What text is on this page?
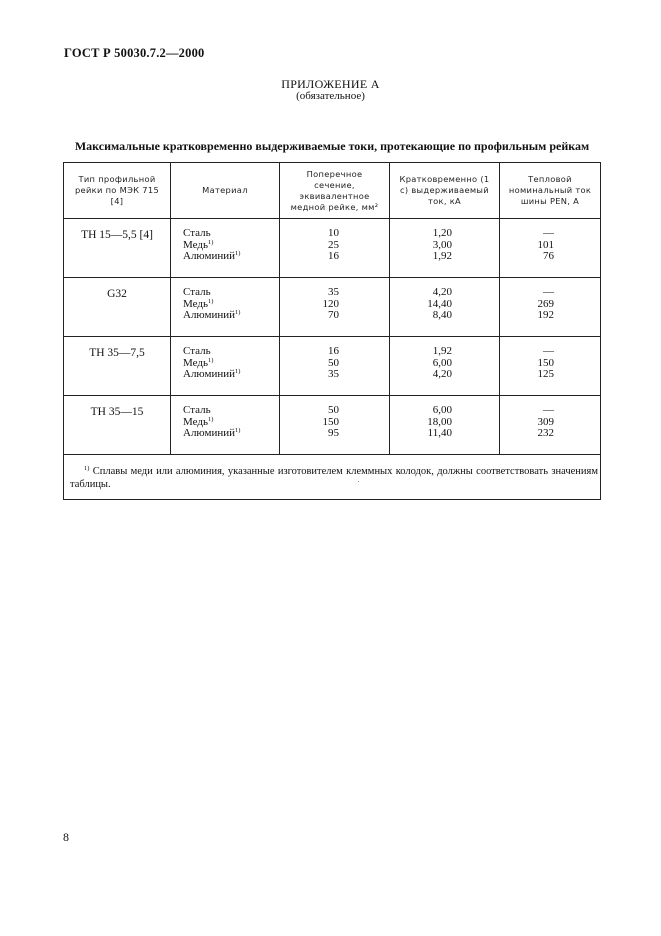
ГОСТ Р 50030.7.2—2000
ПРИЛОЖЕНИЕ А
(обязательное)
Максимальные кратковременно выдерживаемые токи, протекающие по профильным рейкам
Тип профильной рейки по МЭК 715 [4]	Материал	Поперечное сечение, эквивалентное медной рейке, мм²	Кратковременно (1 с) выдерживаемый ток, кА	Тепловой номинальный ток шины PEN, А
ТН 15—5,5 [4]	Сталь
Медь$^{1)}$
Алюминий$^{1)}$	10
25
16	1,20
3,00
1,92	—
101
76

G32	Сталь
Медь$^{1)}$
Алюминий$^{1)}$	35
120
70	4,20
14,40
8,40	—
269
192

ТН 35—7,5	Сталь
Медь$^{1)}$
Алюминий$^{1)}$	16
50
35	1,92
6,00
4,20	—
150
125

ТН 35—15	Сталь
Медь$^{1)}$
Алюминий$^{1)}$	50
150
95	6,00
18,00
11,40	—
309
232

$^{1)}$ Сплавы меди или алюминия, указанные изготовителем клеммных колодок, должны соответствовать значениям таблицы.				
8
